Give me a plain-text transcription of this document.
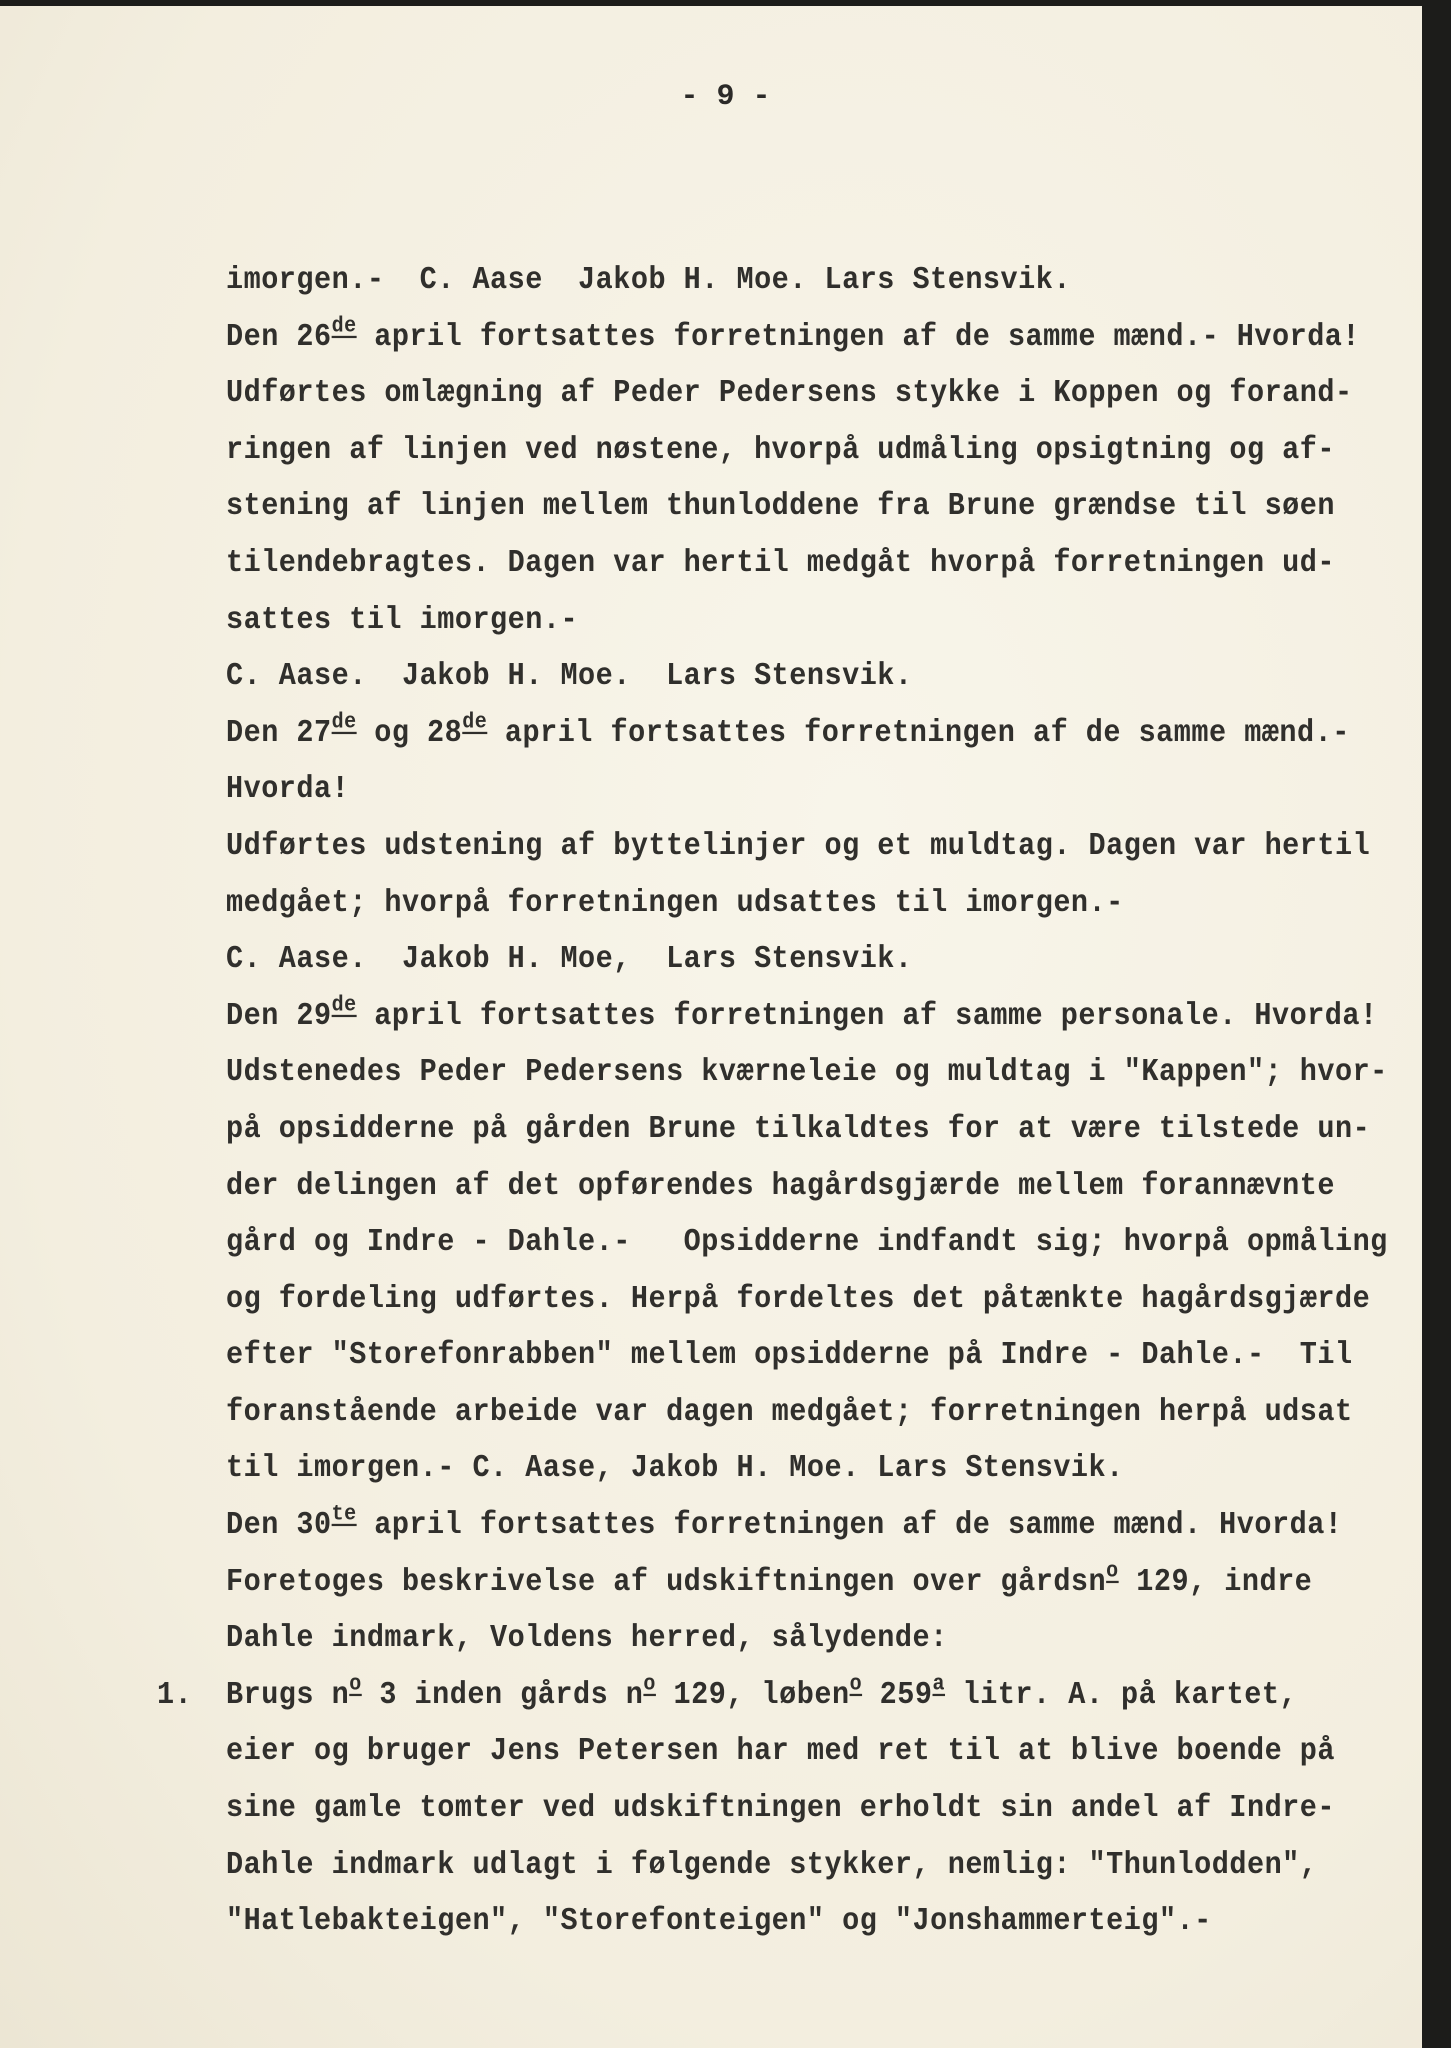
- 9 -
imorgen.-  C. Aase  Jakob H. Moe. Lars Stensvik.
Den 26de april fortsattes forretningen af de samme mænd.- Hvorda!
Udførtes omlægning af Peder Pedersens stykke i Koppen og forand-
ringen af linjen ved nøstene, hvorpå udmåling opsigtning og af-
stening af linjen mellem thunloddene fra Brune grændse til søen
tilendebragtes. Dagen var hertil medgåt hvorpå forretningen ud-
sattes til imorgen.-
C. Aase.  Jakob H. Moe.  Lars Stensvik.
Den 27de og 28de april fortsattes forretningen af de samme mænd.-
Hvorda!
Udførtes udstening af byttelinjer og et muldtag. Dagen var hertil
medgået; hvorpå forretningen udsattes til imorgen.-
C. Aase.  Jakob H. Moe,  Lars Stensvik.
Den 29de april fortsattes forretningen af samme personale. Hvorda!
Udstenedes Peder Pedersens kværneleie og muldtag i "Kappen"; hvor-
på opsidderne på gården Brune tilkaldtes for at være tilstede un-
der delingen af det opførendes hagårdsgjærde mellem forannævnte
gård og Indre - Dahle.-   Opsidderne indfandt sig; hvorpå opmåling
og fordeling udførtes. Herpå fordeltes det påtænkte hagårdsgjærde
efter "Storefonrabben" mellem opsidderne på Indre - Dahle.-  Til
foranstående arbeide var dagen medgået; forretningen herpå udsat
til imorgen.- C. Aase, Jakob H. Moe. Lars Stensvik.
Den $30^{te}$ april fortsattes forretningen af de samme mænd. Hvorda!
Foretoges beskrivelse af udskiftningen over gårdsn$^o$ 129, indre
Dahle indmark, Voldens herred, sålydende:
1. Brugs $n^o$ 3 inden gårds $n^o$ 129, løben$^o$ 259$^a$ litr. A. på kartet,
eier og bruger Jens Petersen har med ret til at blive boende på
sine gamle tomter ved udskiftningen erholdt sin andel af Indre-
Dahle indmark udlagt i følgende stykker, nemlig: "Thunlodden",
"Hatlebakteigen", "Storefonteigen" og "Jonshammerteig".-
